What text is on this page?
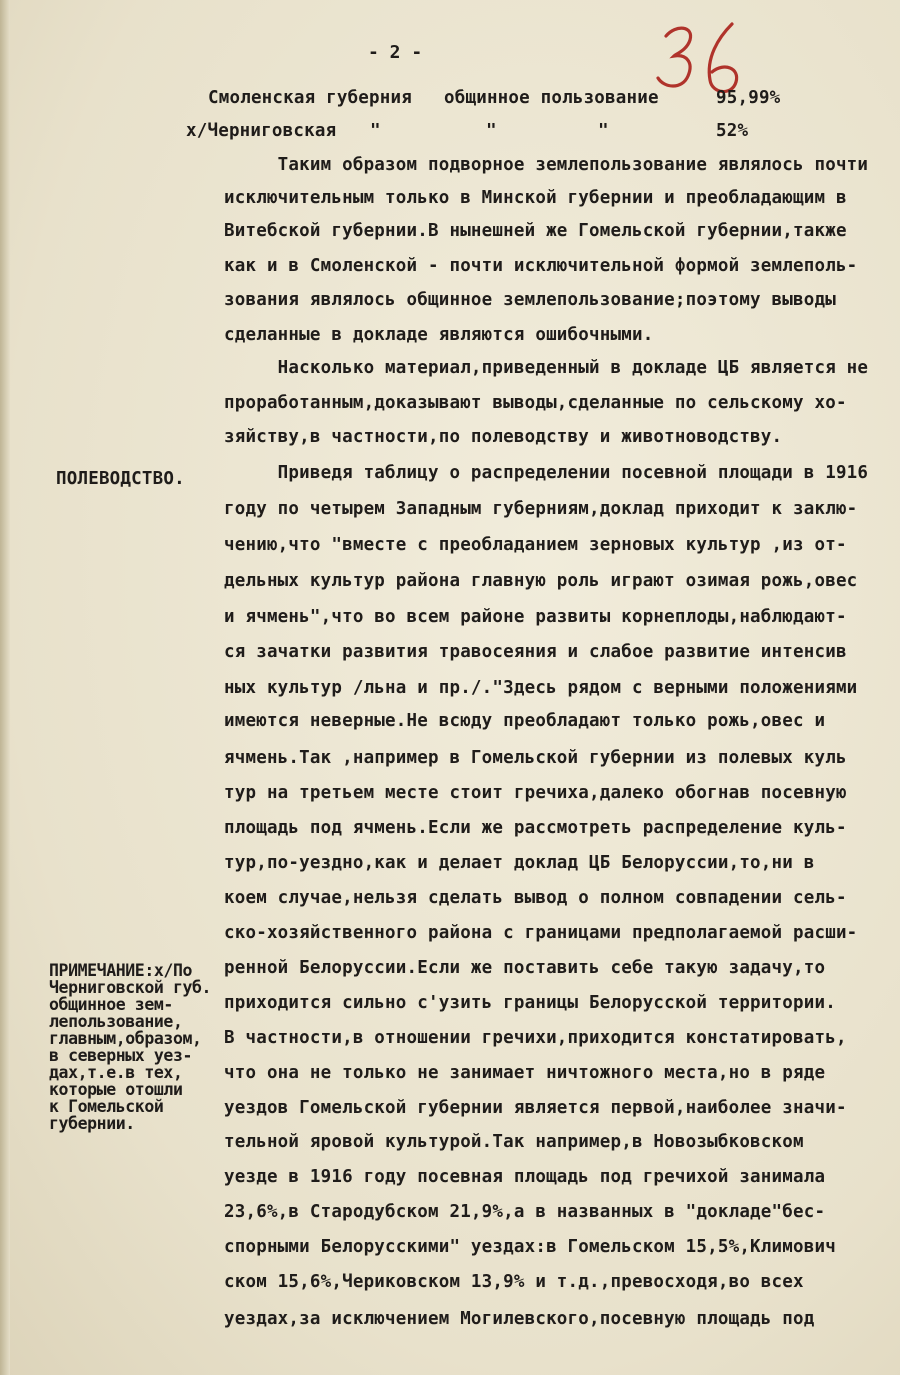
- 2 -
Смоленская губерния общинное пользование	95,99%
х/Черниговская "	"	"	52%
Таким образом подворное землепользование являлось почти
исключительным только в Минской губернии и преобладающим в
Витебской губернии.В нынешней же Гомельской губернии,также
как и в Смоленской - почти исключительной формой землеполь-
зования являлось общинное землепользование;поэтому выводы
сделанные в докладе являются ошибочными.
Насколько материал,приведенный в докладе ЦБ является не
проработанным,доказывают выводы,сделанные по сельскому хо-
зяйству,в частности,по полеводству и животноводству.
ПОЛЕВОДСТВО. Приведя таблицу о распределении посевной площади в 1916
году по четырем Западным губерниям,доклад приходит к заклю-
чению,что "вместе с преобладанием зерновых культур ,из от-
дельных культур района главную роль играют озимая рожь,овес
и ячмень",что во всем районе развиты корнеплоды,наблюдают-
ся зачатки развития травосеяния и слабое развитие интенсив
ных культур /льна и пр./."Здесь рядом с верными положениями
имеются неверные.Не всюду преобладают только рожь,овес и
ячмень.Так ,например в Гомельской губернии из полевых куль
тур на третьем месте стоит гречиха,далеко обогнав посевную
площадь под ячмень.Если же рассмотреть распределение куль-
тур,по-уездно,как и делает доклад ЦБ Белоруссии,то,ни в
коем случае,нельзя сделать вывод о полном совпадении сель-
ско-хозяйственного района с границами предполагаемой расши-
ренной Белоруссии.Если же поставить себе такую задачу,то
приходится сильно с'узить границы Белорусской территории.
В частности,в отношении гречихи,приходится констатировать,
что она не только не занимает ничтожного места,но в ряде
уездов Гомельской губернии является первой,наиболее значи-
тельной яровой культурой.Так например,в Новозыбковском
уезде в 1916 году посевная площадь под гречихой занимала
23,6%,в Стародубском 21,9%,а в названных в "докладе"бес-
спорными Белорусскими" уездах:в Гомельском 15,5%,Климович
ском 15,6%,Чериковском 13,9% и т.д.,превосходя,во всех
уездах,за исключением Могилевского,посевную площадь под
ПРИМЕЧАНИЕ:х/По
Черниговской губ.
общинное зем-
лепользование,
главным,образом,
в северных уез-
дах,т.е.в тех,
которые отошли
к Гомельской
губернии.
